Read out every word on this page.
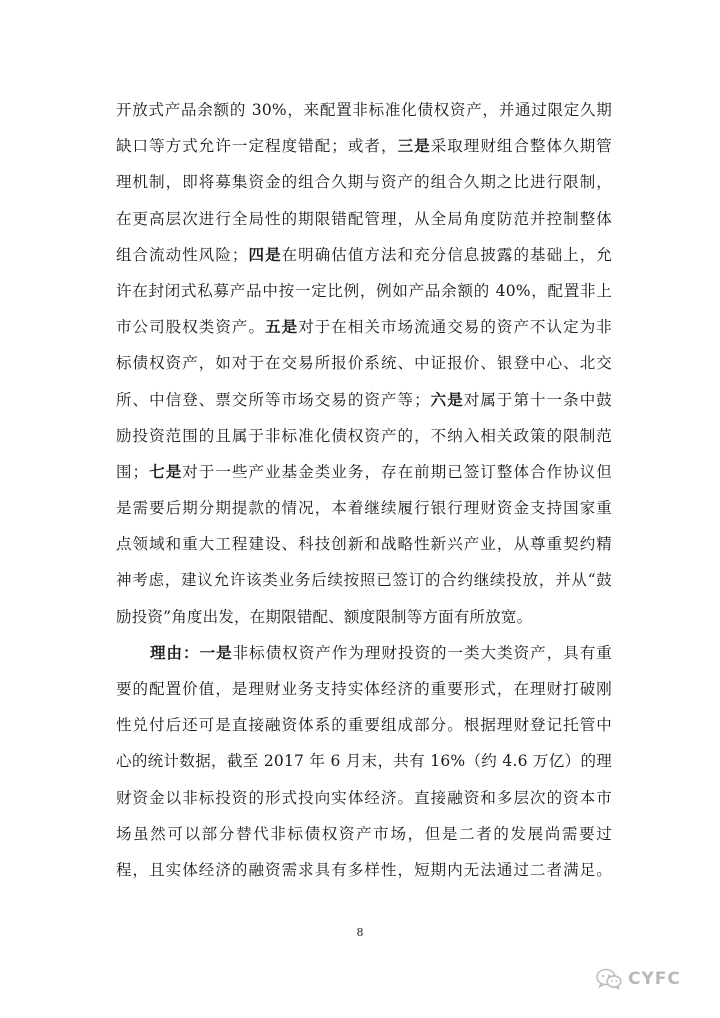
开放式产品余额的 30%，来配置非标准化债权资产，并通过限定久期
缺口等方式允许一定程度错配；或者，三是采取理财组合整体久期管
理机制，即将募集资金的组合久期与资产的组合久期之比进行限制，
在更高层次进行全局性的期限错配管理，从全局角度防范并控制整体
组合流动性风险；四是在明确估值方法和充分信息披露的基础上，允
许在封闭式私募产品中按一定比例，例如产品余额的 40%，配置非上
市公司股权类资产。五是对于在相关市场流通交易的资产不认定为非
标债权资产，如对于在交易所报价系统、中证报价、银登中心、北交
所、中信登、票交所等市场交易的资产等；六是对属于第十一条中鼓
励投资范围的且属于非标准化债权资产的，不纳入相关政策的限制范
围；七是对于一些产业基金类业务，存在前期已签订整体合作协议但
是需要后期分期提款的情况，本着继续履行银行理财资金支持国家重
点领域和重大工程建设、科技创新和战略性新兴产业，从尊重契约精
神考虑，建议允许该类业务后续按照已签订的合约继续投放，并从“鼓
励投资”角度出发，在期限错配、额度限制等方面有所放宽。
理由：一是非标债权资产作为理财投资的一类大类资产，具有重
要的配置价值，是理财业务支持实体经济的重要形式，在理财打破刚
性兑付后还可是直接融资体系的重要组成部分。根据理财登记托管中
心的统计数据，截至 2017 年 6 月末，共有 16%（约 4.6 万亿）的理
财资金以非标投资的形式投向实体经济。直接融资和多层次的资本市
场虽然可以部分替代非标债权资产市场，但是二者的发展尚需要过
程，且实体经济的融资需求具有多样性，短期内无法通过二者满足。
8
CYFC
